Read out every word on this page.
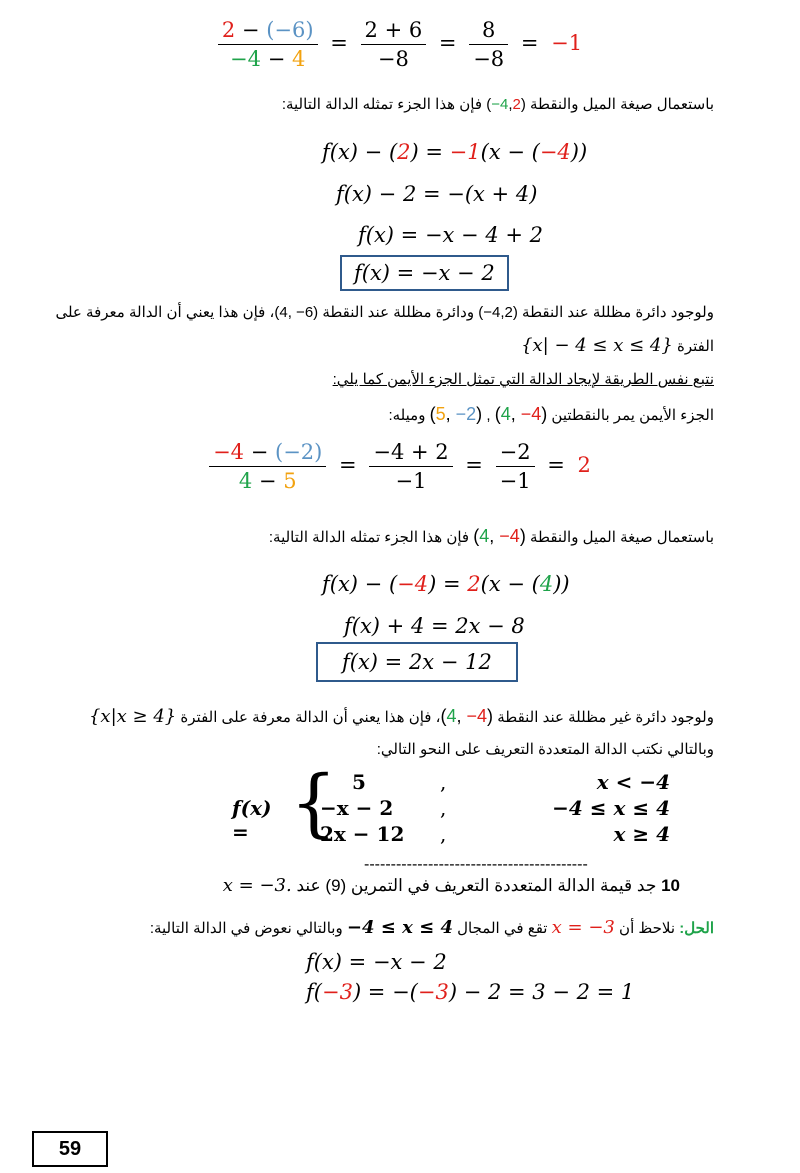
$\frac{2 - (-6)}{-4 - 4} = \frac{2 + 6}{-8} = \frac{8}{-8} = -1$
باستعمال صيغة الميل والنقطة (−4,2) فإن هذا الجزء تمثله الدالة التالية:
f(x) − (2) = −1(x − (−4))
f(x) − 2 = −(x + 4)
f(x) = −x − 4 + 2
f(x) = −x − 2
ولوجود دائرة مظللة عند النقطة (4,2−) ودائرة مظللة عند النقطة (6− ,4)، فإن هذا يعني أن الدالة معرفة على
الفترة {x| − 4 ≤ x ≤ 4}
نتبع نفس الطريقة لإيجاد الدالة التي تمثل الجزء الأيمن كما يلي:
الجزء الأيمن يمر بالنقطتين (4, −4) , (5, −2) وميله:
$\frac{-4 - (-2)}{4 - 5} = \frac{-4 + 2}{-1} = \frac{-2}{-1} = 2$
باستعمال صيغة الميل والنقطة (4, −4) فإن هذا الجزء تمثله الدالة التالية:
f(x) − (−4) = 2(x − (4))
f(x) + 4 = 2x − 8
f(x) = 2x − 12
ولوجود دائرة غير مظللة عند النقطة (4, −4)، فإن هذا يعني أن الدالة معرفة على الفترة {x|x ≥ 4}
وبالتالي نكتب الدالة المتعددة التعريف على النحو التالي:
f(x) = { 5	,	x < −4
−x − 2 ,	−4 ≤ x ≤ 4
2x − 12 ,	x ≥ 4
------------------------------------------
10 جد قيمة الدالة المتعددة التعريف في التمرين (9) عند x = −3.
الحل: نلاحظ أن x = −3 تقع في المجال −4 ≤ x ≤ 4 وبالتالي نعوض في الدالة التالية:
f(x) = −x − 2
f(−3) = −(−3) − 2 = 3 − 2 = 1
59
